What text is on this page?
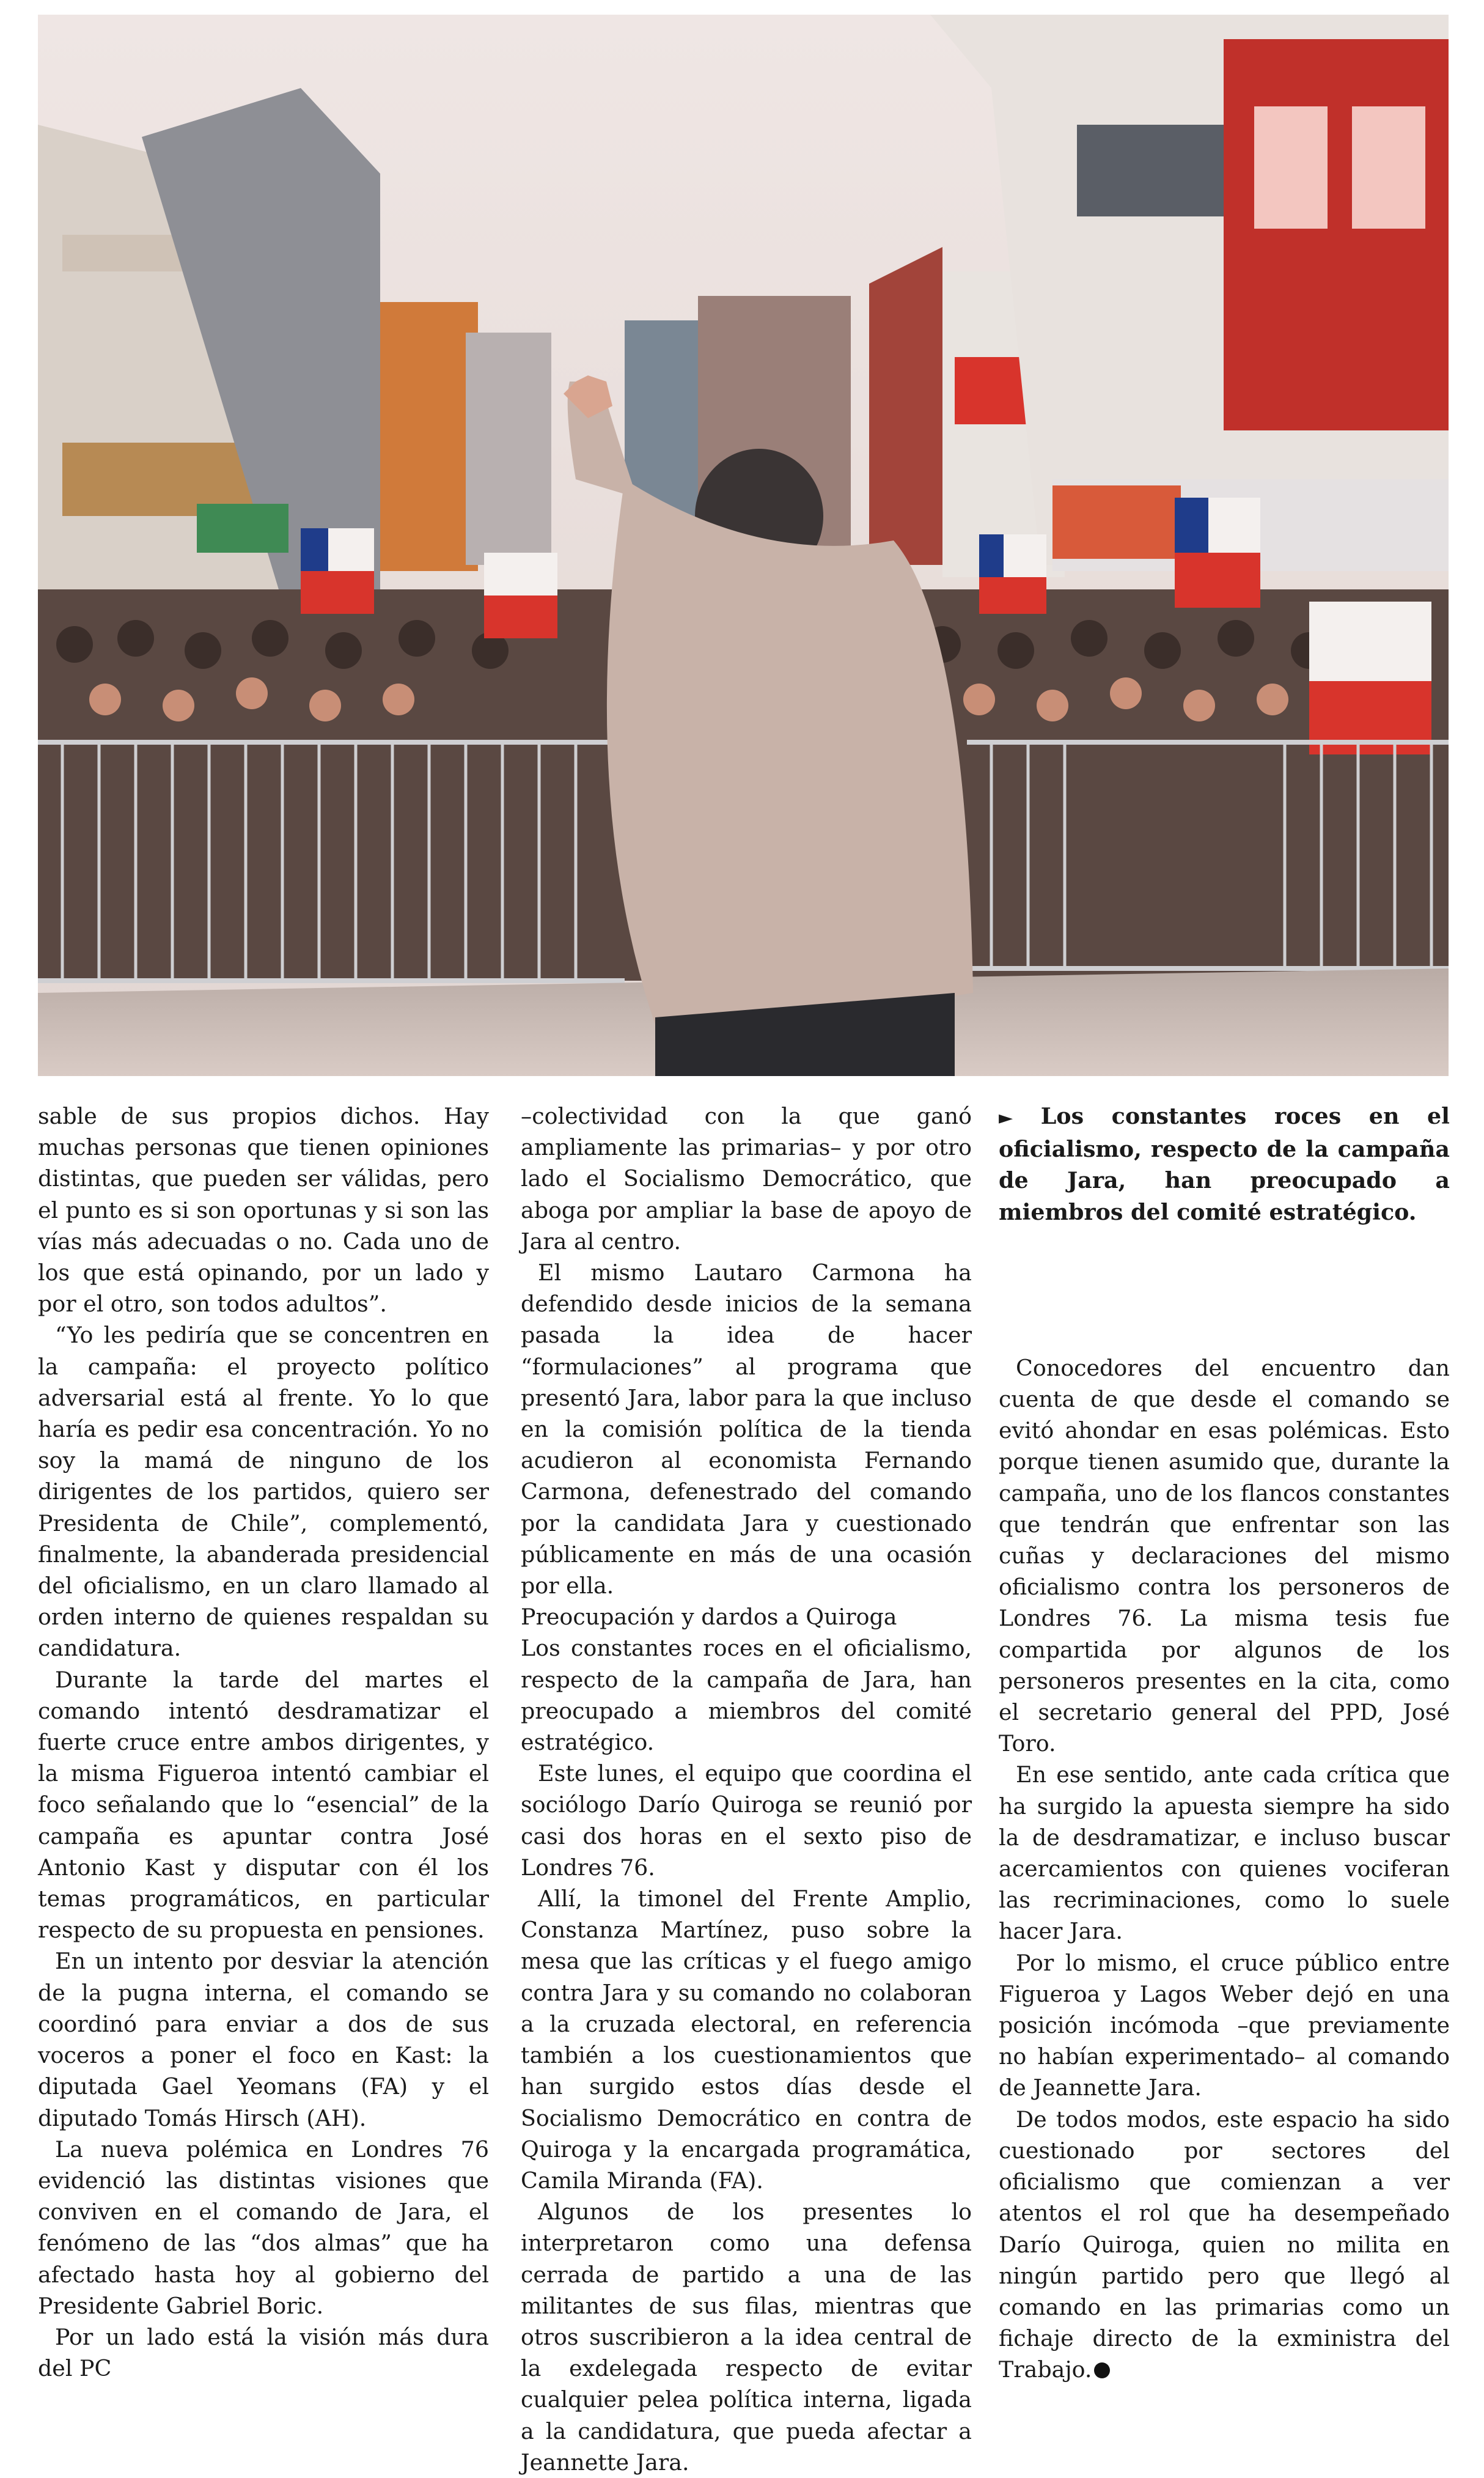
sable de sus propios dichos. Hay muchas personas que tienen opiniones distintas, que pueden ser válidas, pero el punto es si son oportunas y si son las vías más adecuadas o no. Cada uno de los que está opinando, por un lado y por el otro, son todos adultos”.

“Yo les pediría que se concentren en la campaña: el proyecto político adversarial está al frente. Yo lo que haría es pedir esa concentración. Yo no soy la mamá de ninguno de los dirigentes de los partidos, quiero ser Presidenta de Chile”, complementó, finalmente, la abanderada presidencial del oficialismo, en un claro llamado al orden interno de quienes respaldan su candidatura.

Durante la tarde del martes el comando intentó desdramatizar el fuerte cruce entre ambos dirigentes, y la misma Figueroa intentó cambiar el foco señalando que lo “esencial” de la campaña es apuntar contra José Antonio Kast y disputar con él los temas programáticos, en particular respecto de su propuesta en pensiones.

En un intento por desviar la atención de la pugna interna, el comando se coordinó para enviar a dos de sus voceros a poner el foco en Kast: la diputada Gael Yeomans (FA) y el diputado Tomás Hirsch (AH).

La nueva polémica en Londres 76 evidenció las distintas visiones que conviven en el comando de Jara, el fenómeno de las “dos almas” que ha afectado hasta hoy al gobierno del Presidente Gabriel Boric.

Por un lado está la visión más dura del PC

–colectividad con la que ganó ampliamente las primarias– y por otro lado el Socialismo Democrático, que aboga por ampliar la base de apoyo de Jara al centro.

El mismo Lautaro Carmona ha defendido desde inicios de la semana pasada la idea de hacer “formulaciones” al programa que presentó Jara, labor para la que incluso en la comisión política de la tienda acudieron al economista Fernando Carmona, defenestrado del comando por la candidata Jara y cuestionado públicamente en más de una ocasión por ella.

Preocupación y dardos a Quiroga

Los constantes roces en el oficialismo, respecto de la campaña de Jara, han preocupado a miembros del comité estratégico.

Este lunes, el equipo que coordina el sociólogo Darío Quiroga se reunió por casi dos horas en el sexto piso de Londres 76.

Allí, la timonel del Frente Amplio, Constanza Martínez, puso sobre la mesa que las críticas y el fuego amigo contra Jara y su comando no colaboran a la cruzada electoral, en referencia también a los cuestionamientos que han surgido estos días desde el Socialismo Democrático en contra de Quiroga y la encargada programática, Camila Miranda (FA).

Algunos de los presentes lo interpretaron como una defensa cerrada de partido a una de las militantes de sus filas, mientras que otros suscribieron a la idea central de la exdelegada respecto de evitar cualquier pelea política interna, ligada a la candidatura, que pueda afectar a Jeannette Jara.

► Los constantes roces en el oficialismo, respecto de la campaña de Jara, han preocupado a miembros del comité estratégico.

Conocedores del encuentro dan cuenta de que desde el comando se evitó ahondar en esas polémicas. Esto porque tienen asumido que, durante la campaña, uno de los flancos constantes que tendrán que enfrentar son las cuñas y declaraciones del mismo oficialismo contra los personeros de Londres 76. La misma tesis fue compartida por algunos de los personeros presentes en la cita, como el secretario general del PPD, José Toro.

En ese sentido, ante cada crítica que ha surgido la apuesta siempre ha sido la de desdramatizar, e incluso buscar acercamientos con quienes vociferan las recriminaciones, como lo suele hacer Jara.

Por lo mismo, el cruce público entre Figueroa y Lagos Weber dejó en una posición incómoda –que previamente no habían experimentado– al comando de Jeannette Jara.

De todos modos, este espacio ha sido cuestionado por sectores del oficialismo que comienzan a ver atentos el rol que ha desempeñado Darío Quiroga, quien no milita en ningún partido pero que llegó al comando en las primarias como un fichaje directo de la exministra del Trabajo.
